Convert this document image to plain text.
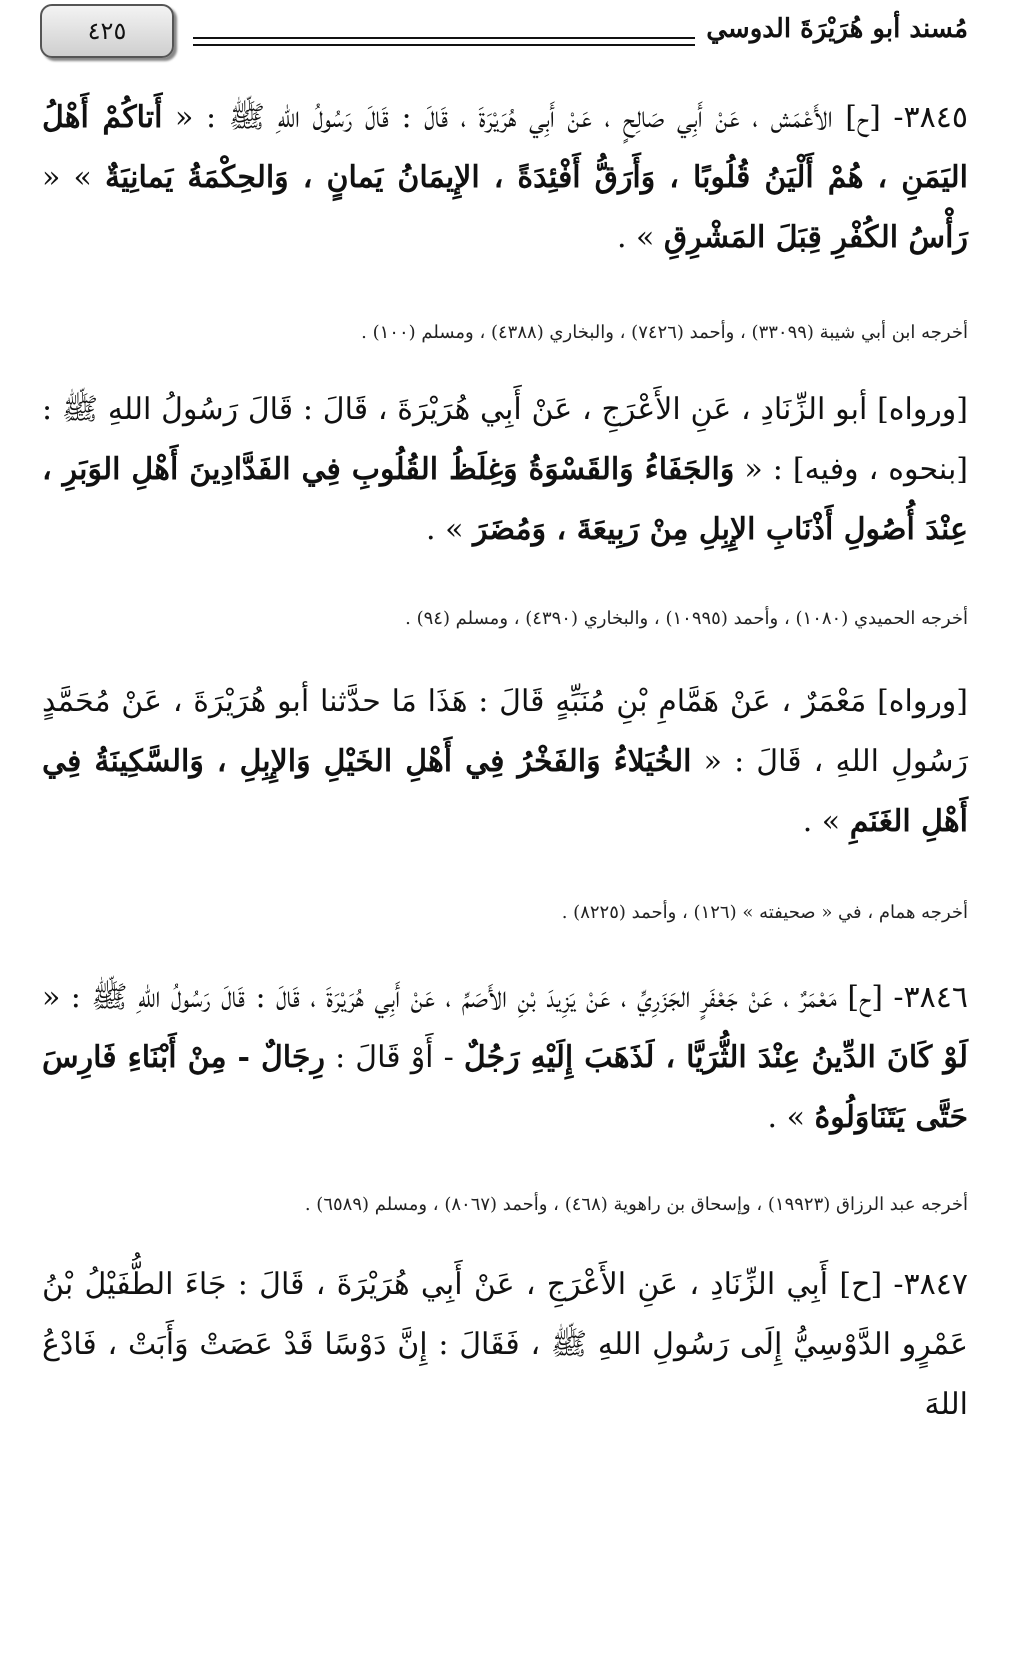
٤٢٥	مُسند أبو هُرَيْرَةَ الدوسي
٣٨٤٥- [ح] الأَعْمَش ، عَنْ أَبِي صَالِحٍ ، عَنْ أَبِي هُرَيْرَةَ ، قَالَ : قَالَ رَسُولُ اللهِ ﷺ : « أَتاكُمْ أَهْلُ اليَمَنِ ، هُمْ أَلْيَنُ قُلُوبًا ، وَأَرَقُّ أَفْئِدَةً ، الإِيمَانُ يَمانٍ ، وَالحِكْمَةُ يَمانِيَةٌ » « رَأْسُ الكُفْرِ قِبَلَ المَشْرِقِ » .
أخرجه ابن أبي شيبة (٣٣٠٩٩) ، وأحمد (٧٤٢٦) ، والبخاري (٤٣٨٨) ، ومسلم (١٠٠) .
[ورواه] أبو الزِّنَادِ ، عَنِ الأَعْرَجِ ، عَنْ أَبِي هُرَيْرَةَ ، قَالَ : قَالَ رَسُولُ اللهِ ﷺ : [بنحوه ، وفيه] : « وَالجَفَاءُ وَالقَسْوَةُ وَغِلَظُ القُلُوبِ فِي الفَدَّادِينَ أَهْلِ الوَبَرِ ، عِنْدَ أُصُولِ أَذْنَابِ الإِبِلِ مِنْ رَبِيعَةَ ، وَمُضَرَ » .
أخرجه الحميدي (١٠٨٠) ، وأحمد (١٠٩٩٥) ، والبخاري (٤٣٩٠) ، ومسلم (٩٤) .
[ورواه] مَعْمَرٌ ، عَنْ هَمَّامِ بْنِ مُنَبِّهٍ قَالَ : هَذَا مَا حدَّثنا أبو هُرَيْرَةَ ، عَنْ مُحَمَّدٍ رَسُولِ اللهِ ، قَالَ : « الخُيَلاءُ وَالفَخْرُ فِي أَهْلِ الخَيْلِ وَالإِبِلِ ، وَالسَّكِينَةُ فِي أَهْلِ الغَنَمِ » .
أخرجه همام ، في « صحيفته » (١٢٦) ، وأحمد (٨٢٢٥) .
٣٨٤٦- [ح] مَعْمَرٌ ، عَنْ جَعْفَرٍ الجَزَرِيِّ ، عَنْ يَزِيدَ بْنِ الأَصَمِّ ، عَنْ أَبِي هُرَيْرَةَ ، قَالَ : قَالَ رَسُولُ اللهِ ﷺ : « لَوْ كَانَ الدِّينُ عِنْدَ الثُّرَيَّا ، لَذَهَبَ إِلَيْهِ رَجُلٌ - أَوْ قَالَ : رِجَالٌ - مِنْ أَبْنَاءِ فَارِسَ حَتَّى يَتَنَاوَلُوهُ » .
أخرجه عبد الرزاق (١٩٩٢٣) ، وإسحاق بن راهوية (٤٦٨) ، وأحمد (٨٠٦٧) ، ومسلم (٦٥٨٩) .
٣٨٤٧- [ح] أَبِي الزِّنَادِ ، عَنِ الأَعْرَجِ ، عَنْ أَبِي هُرَيْرَةَ ، قَالَ : جَاءَ الطُّفَيْلُ بْنُ عَمْرٍو الدَّوْسِيُّ إِلَى رَسُولِ اللهِ ﷺ ، فَقَالَ : إِنَّ دَوْسًا قَدْ عَصَتْ وَأَبَتْ ، فَادْعُ اللهَ
